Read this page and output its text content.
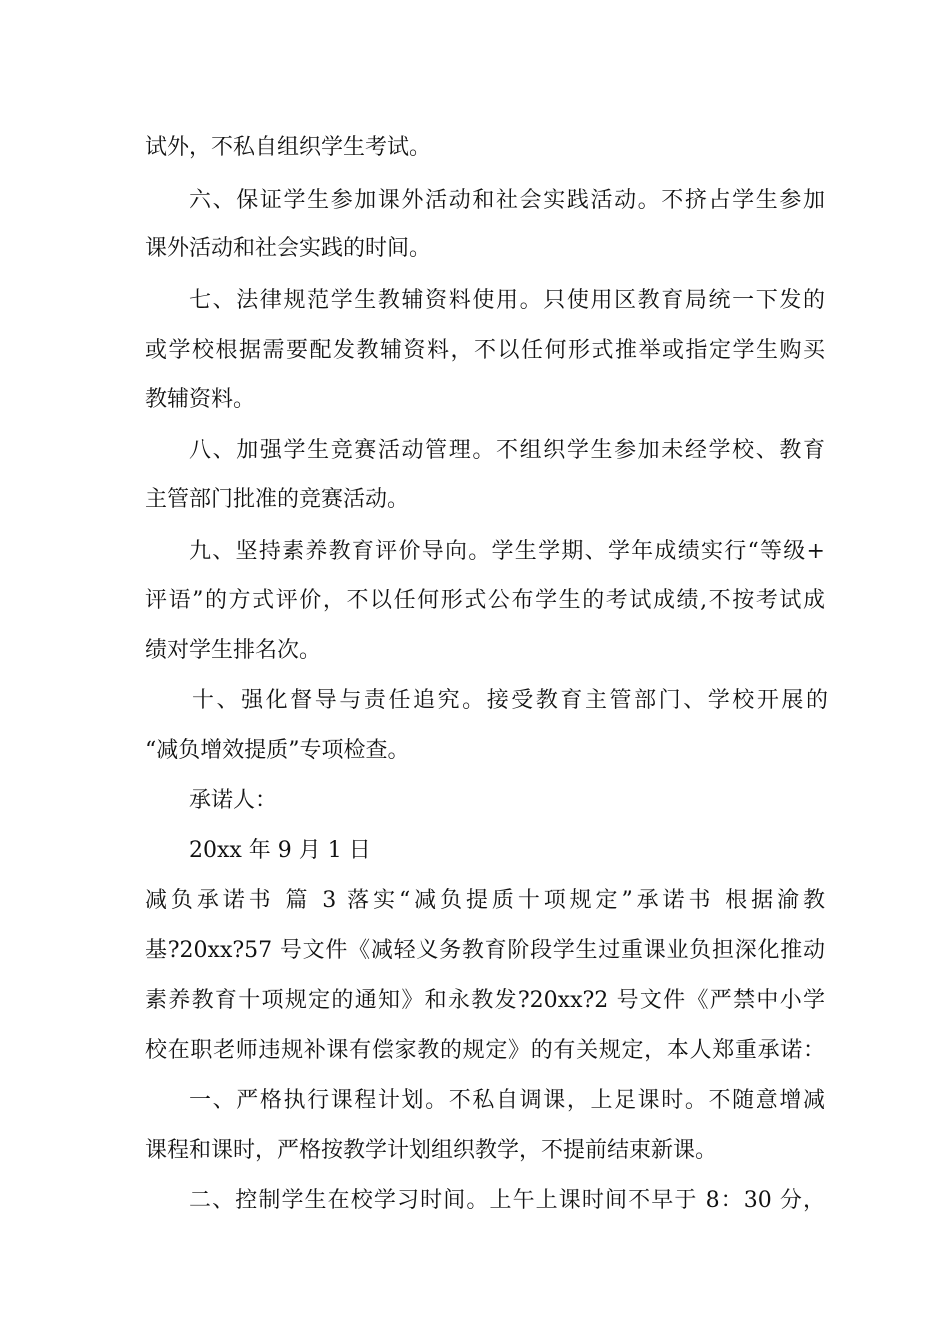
试外，不私自组织学生考试。
六、保证学生参加课外活动和社会实践活动。不挤占学生参加
课外活动和社会实践的时间。
七、法律规范学生教辅资料使用。只使用区教育局统一下发的
或学校根据需要配发教辅资料，不以任何形式推举或指定学生购买
教辅资料。
八、加强学生竞赛活动管理。不组织学生参加未经学校、教育
主管部门批准的竞赛活动。
九、坚持素养教育评价导向。学生学期、学年成绩实行“等级+
评语”的方式评价，不以任何形式公布学生的考试成绩,不按考试成
绩对学生排名次。
十、强化督导与责任追究。接受教育主管部门、学校开展的
“减负增效提质”专项检查。
承诺人：
20xx 年 9 月 1 日
减负承诺书 篇 3 落实“减负提质十项规定”承诺书 根据渝教
基?20xx?57 号文件《减轻义务教育阶段学生过重课业负担深化推动
素养教育十项规定的通知》和永教发?20xx?2 号文件《严禁中小学
校在职老师违规补课有偿家教的规定》的有关规定，本人郑重承诺：
一、严格执行课程计划。不私自调课，上足课时。不随意增减
课程和课时，严格按教学计划组织教学，不提前结束新课。
二、控制学生在校学习时间。上午上课时间不早于 8：30 分，
